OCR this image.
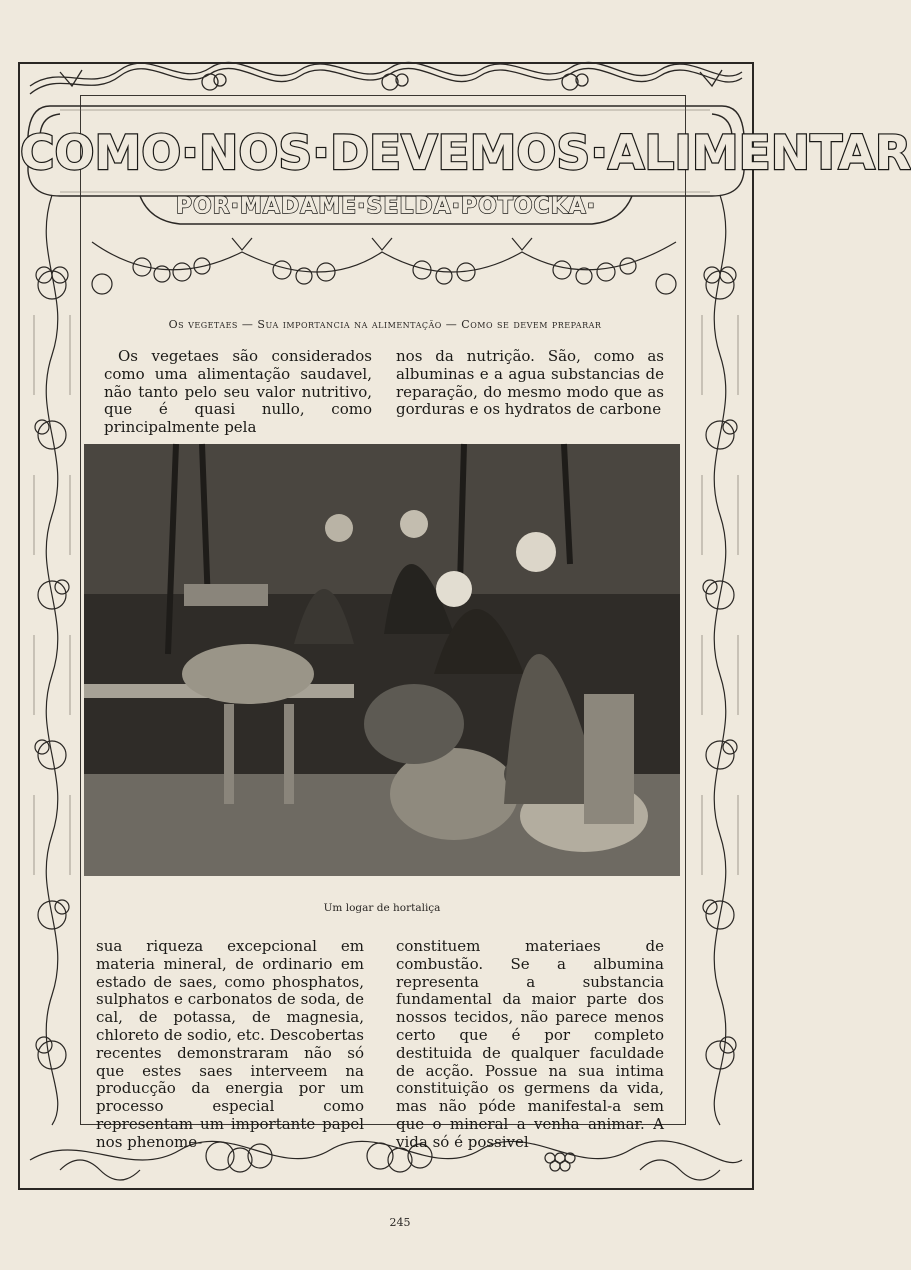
COMO·NOS·DEVEMOS·ALIMENTAR
POR·MADAME·SELDA·POTOCKA·
Os vegetaes — Sua importancia na alimentação — Como se devem preparar
Os vegetaes são considerados como uma alimentação saudavel, não tanto pelo seu valor nutritivo, que é quasi nullo, como principalmente pela
nos da nutrição. São, como as albuminas e a agua substancias de reparação, do mesmo modo que as gorduras e os hydratos de carbone
Um logar de hortaliça
sua riqueza excepcional em materia mineral, de ordinario em estado de saes, como phosphatos, sulphatos e carbonatos de soda, de cal, de potassa, de magnesia, chloreto de sodio, etc. Descobertas recentes demonstraram não só que estes saes interveem na producção da energia por um processo especial como representam um importante papel nos phenome-
constituem materiaes de combustão. Se a albumina representa a substancia fundamental da maior parte dos nossos tecidos, não parece menos certo que é por completo destituida de qualquer faculdade de acção. Possue na sua intima constituição os germens da vida, mas não póde manifestal-a sem que o mineral a venha animar. A vida só é possivel
245
